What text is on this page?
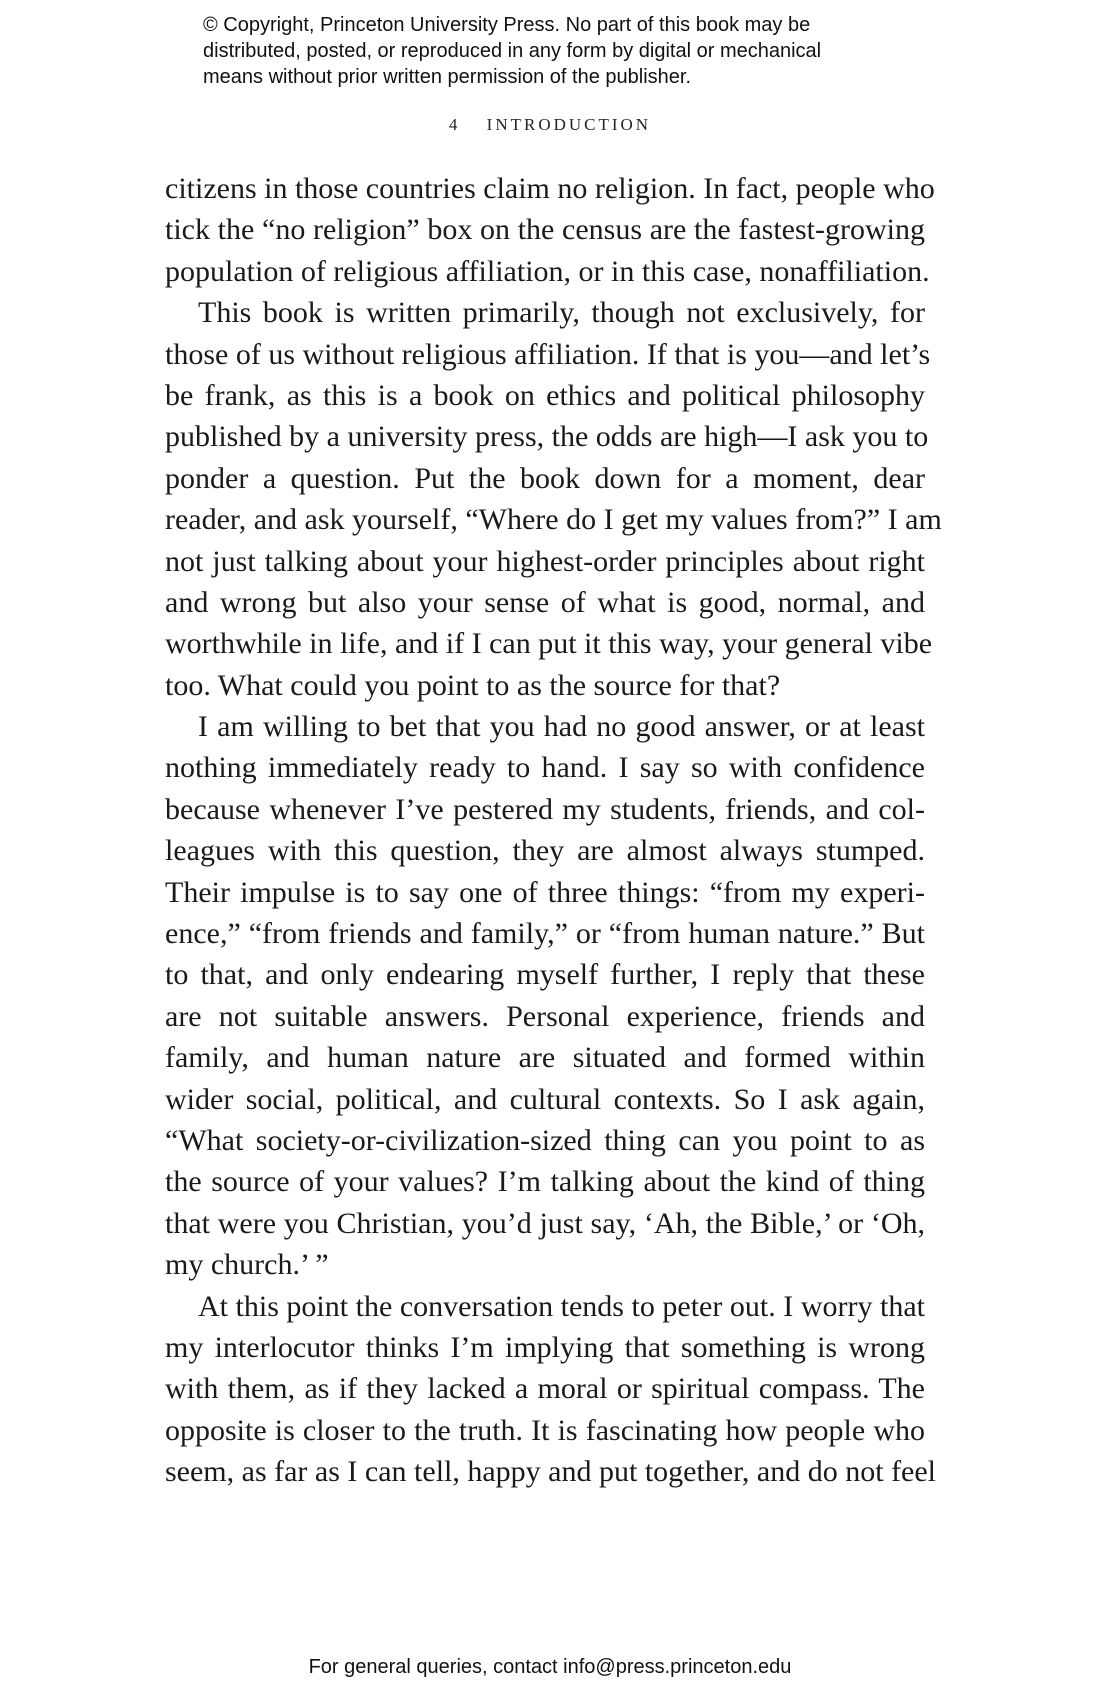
© Copyright, Princeton University Press. No part of this book may be
distributed, posted, or reproduced in any form by digital or mechanical
means without prior written permission of the publisher.
4 INTRODUCTION
citizens in those countries claim no religion. In fact, people who
tick the “no religion” box on the census are the fastest-growing
population of religious affiliation, or in this case, nonaffiliation.
This book is written primarily, though not exclusively, for
those of us without religious affiliation. If that is you—and let’s
be frank, as this is a book on ethics and political philosophy
published by a university press, the odds are high—I ask you to
ponder a question. Put the book down for a moment, dear
reader, and ask yourself, “Where do I get my values from?” I am
not just talking about your highest-order principles about right
and wrong but also your sense of what is good, normal, and
worthwhile in life, and if I can put it this way, your general vibe
too. What could you point to as the source for that?
I am willing to bet that you had no good answer, or at least
nothing immediately ready to hand. I say so with confidence
because whenever I’ve pestered my students, friends, and col-
leagues with this question, they are almost always stumped.
Their impulse is to say one of three things: “from my experi-
ence,” “from friends and family,” or “from human nature.” But
to that, and only endearing myself further, I reply that these
are not suitable answers. Personal experience, friends and
family, and human nature are situated and formed within
wider social, political, and cultural contexts. So I ask again,
“What society-or-civilization-sized thing can you point to as
the source of your values? I’m talking about the kind of thing
that were you Christian, you’d just say, ‘Ah, the Bible,’ or ‘Oh,
my church.’ ”
At this point the conversation tends to peter out. I worry that
my interlocutor thinks I’m implying that something is wrong
with them, as if they lacked a moral or spiritual compass. The
opposite is closer to the truth. It is fascinating how people who
seem, as far as I can tell, happy and put together, and do not feel
For general queries, contact info@press.princeton.edu
